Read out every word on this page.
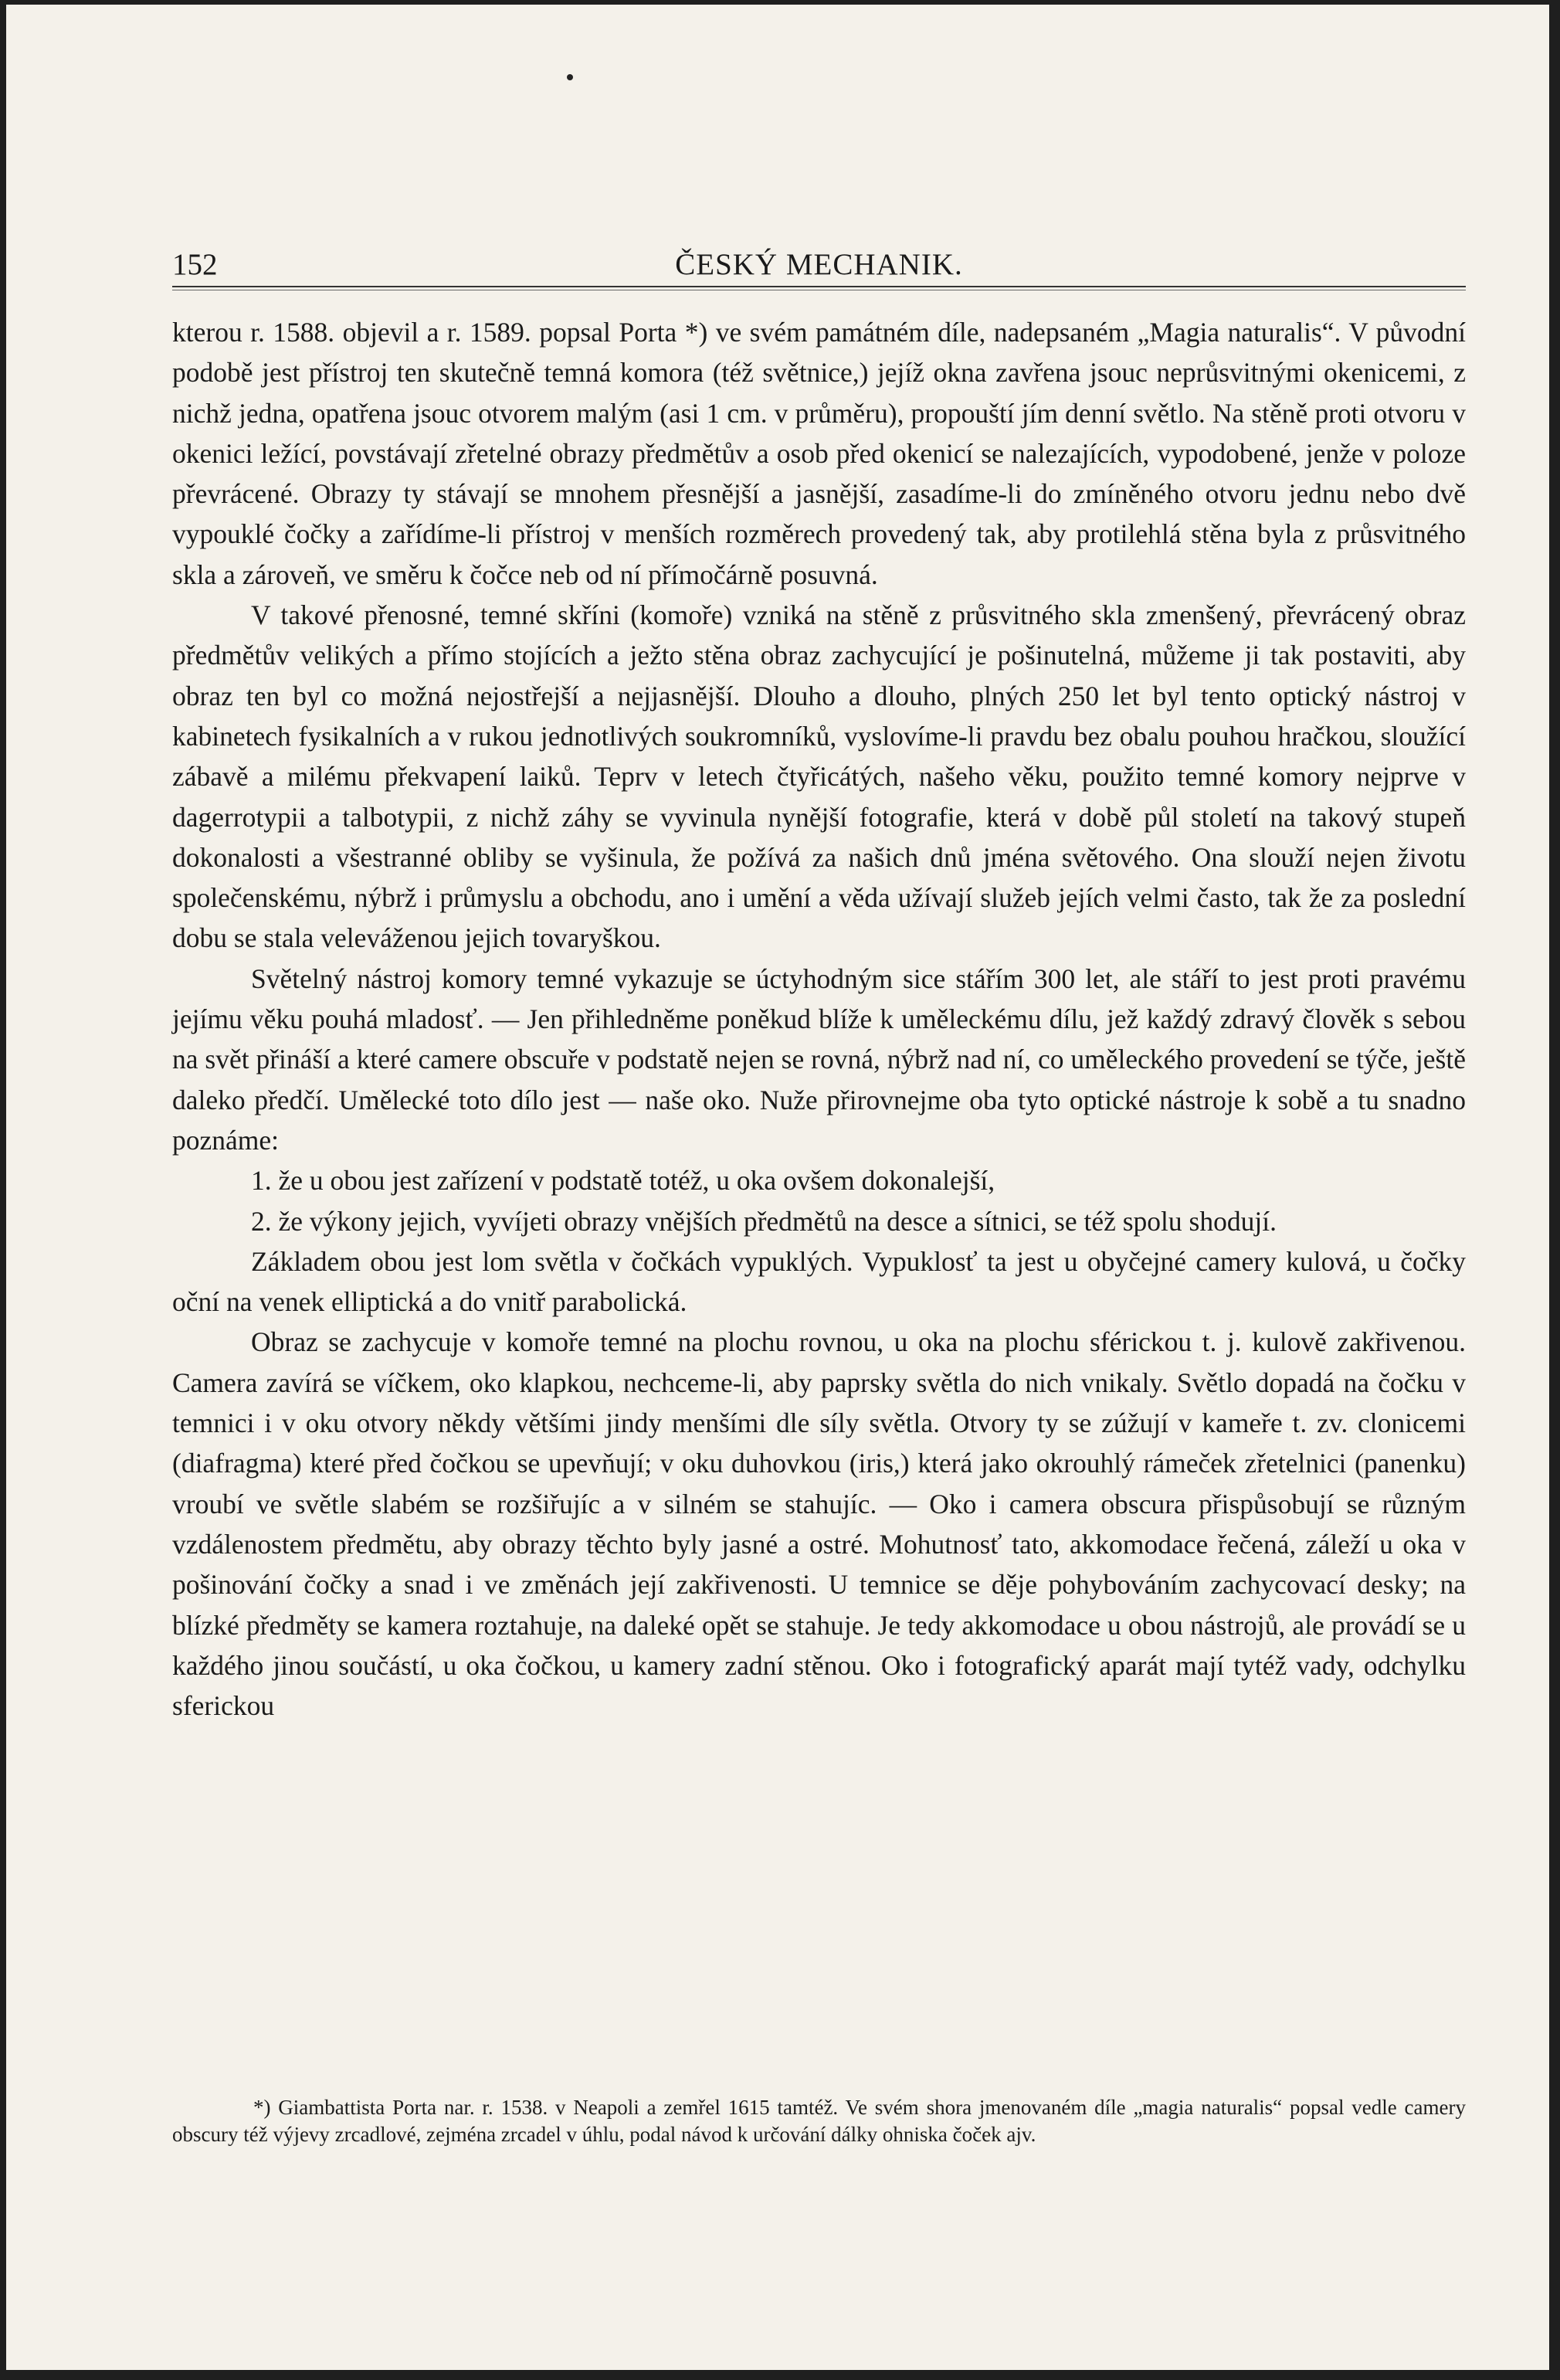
152	ČESKÝ MECHANIK.

kterou r. 1588. objevil a r. 1589. popsal Porta *) ve svém památném díle, nadepsaném „Magia naturalis“. V původní podobě jest přístroj ten skutečně temná komora (též světnice,) jejíž okna zavřena jsouc neprůsvitnými okenicemi, z nichž jedna, opatřena jsouc otvorem malým (asi 1 cm. v průměru), propouští jím denní světlo. Na stěně proti otvoru v okenici ležící, povstávají zřetelné obrazy předmětův a osob před okenicí se nalezajících, vypodobené, jenže v poloze převrácené. Obrazy ty stávají se mnohem přesnější a jasnější, zasadíme-li do zmíněného otvoru jednu nebo dvě vypouklé čočky a zařídíme-li přístroj v menších rozměrech provedený tak, aby protilehlá stěna byla z průsvitného skla a zároveň, ve směru k čočce neb od ní přímočárně posuvná.

V takové přenosné, temné skříni (komoře) vzniká na stěně z průsvitného skla zmenšený, převrácený obraz předmětův velikých a přímo stojících a ježto stěna obraz zachycující je pošinutelná, můžeme ji tak postaviti, aby obraz ten byl co možná nejostřejší a nejjasnější. Dlouho a dlouho, plných 250 let byl tento optický nástroj v kabinetech fysikalních a v rukou jednotlivých soukromníků, vyslovíme-li pravdu bez obalu pouhou hračkou, sloužící zábavě a milému překvapení laiků. Teprv v letech čtyřicátých, našeho věku, použito temné komory nejprve v dagerrotypii a talbotypii, z nichž záhy se vyvinula nynější fotografie, která v době půl století na takový stupeň dokonalosti a všestranné obliby se vyšinula, že požívá za našich dnů jména světového. Ona slouží nejen životu společenskému, nýbrž i průmyslu a obchodu, ano i umění a věda užívají služeb jejích velmi často, tak že za poslední dobu se stala veleváženou jejich tovaryškou.

Světelný nástroj komory temné vykazuje se úctyhodným sice stářím 300 let, ale stáří to jest proti pravému jejímu věku pouhá mladosť. — Jen přihledněme poněkud blíže k uměleckému dílu, jež každý zdravý člověk s sebou na svět přináší a které camerе obscuře v podstatě nejen se rovná, nýbrž nad ní, co uměleckého provedení se týče, ještě daleko předčí. Umělecké toto dílo jest — naše oko. Nuže přirovnejme oba tyto optické nástroje k sobě a tu snadno poznáme:

1. že u obou jest zařízení v podstatě totéž, u oka ovšem dokonalejší,

2. že výkony jejich, vyvíjeti obrazy vnějších předmětů na desce a sítnici, se též spolu shodují.

Základem obou jest lom světla v čočkách vypuklých. Vypuklosť ta jest u obyčejné camery kulová, u čočky oční na venek elliptická a do vnitř parabolická.

Obraz se zachycuje v komoře temné na plochu rovnou, u oka na plochu sférickou t. j. kulově zakřivenou. Camera zavírá se víčkem, oko klapkou, nechceme-li, aby paprsky světla do nich vnikaly. Světlo dopadá na čočku v temnici i v oku otvory někdy většími jindy menšími dle síly světla. Otvory ty se zúžují v kameře t. zv. clonicemi (diafragma) které před čočkou se upevňují; v oku duhovkou (iris,) která jako okrouhlý rámeček zřetelnici (panenku) vroubí ve světle slabém se rozšiřujíc a v silném se stahujíc. — Oko i camera obscura přispůsobují se různým vzdálenostem předmětu, aby obrazy těchto byly jasné a ostré. Mohutnosť tato, akkomodace řečená, záleží u oka v pošinování čočky a snad i ve změnách její zakřivenosti. U temnice se děje pohybováním zachycovací desky; na blízké předměty se kamera roztahuje, na daleké opět se stahuje. Je tedy akkomodace u obou nástrojů, ale provádí se u každého jinou součástí, u oka čočkou, u kamery zadní stěnou. Oko i fotografický aparát mají tytéž vady, odchylku sferickou

*) Giambattista Porta nar. r. 1538. v Neapoli a zemřel 1615 tamtéž. Ve svém shora jmenovaném díle „magia naturalis“ popsal vedle camery obscury též výjevy zrcadlové, zejména zrcadel v úhlu, podal návod k určování dálky ohniska čoček ajv.
